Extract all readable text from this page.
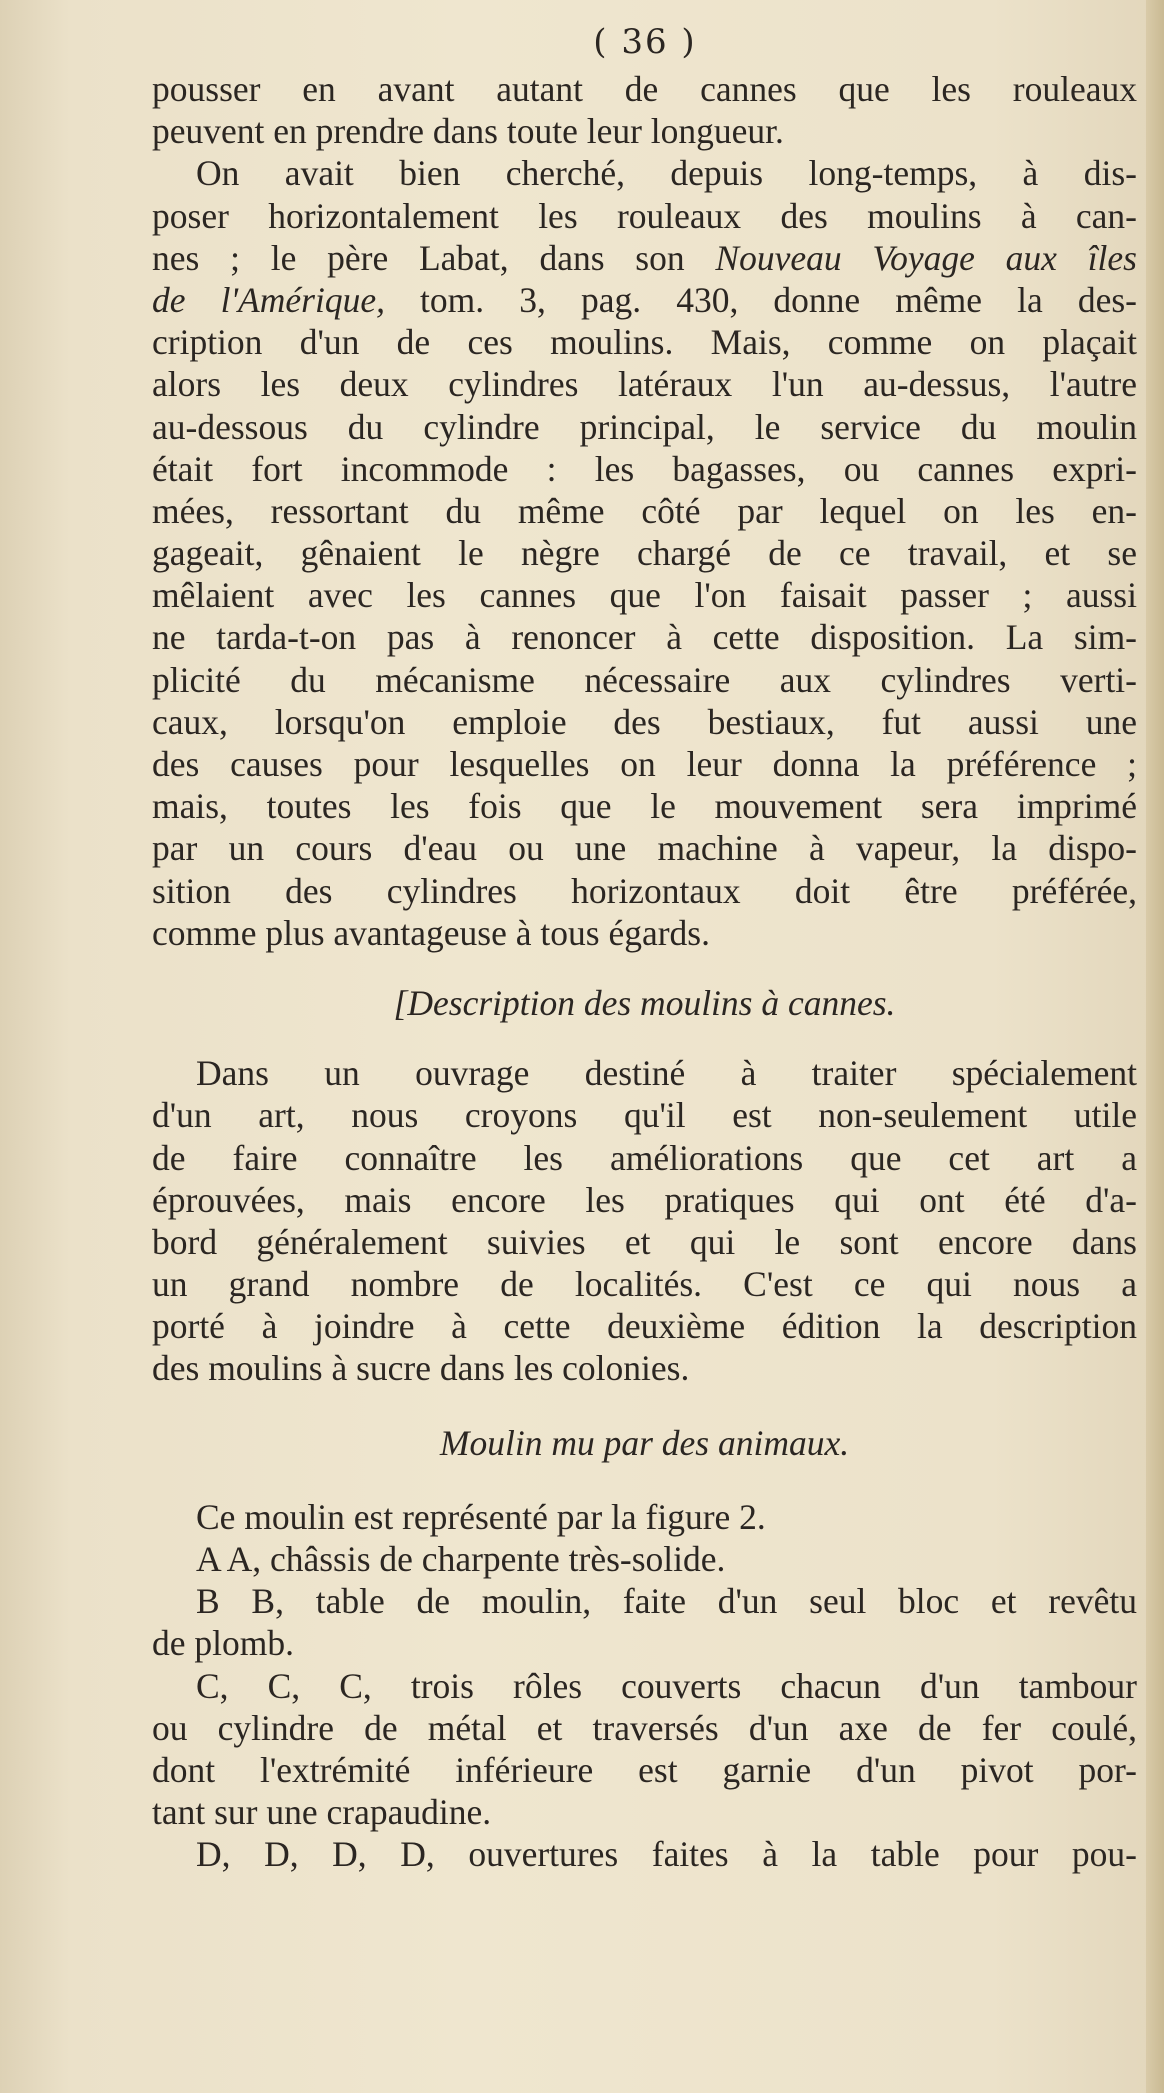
( 36 )
pousser en avant autant de cannes que les rouleaux
peuvent en prendre dans toute leur longueur.
On avait bien cherché, depuis long-temps, à dis-
poser horizontalement les rouleaux des moulins à can-
nes ; le père Labat, dans son Nouveau Voyage aux îles
de l'Amérique, tom. 3, pag. 430, donne même la des-
cription d'un de ces moulins. Mais, comme on plaçait
alors les deux cylindres latéraux l'un au-dessus, l'autre
au-dessous du cylindre principal, le service du moulin
était fort incommode : les bagasses, ou cannes expri-
mées, ressortant du même côté par lequel on les en-
gageait, gênaient le nègre chargé de ce travail, et se
mêlaient avec les cannes que l'on faisait passer ; aussi
ne tarda-t-on pas à renoncer à cette disposition. La sim-
plicité du mécanisme nécessaire aux cylindres verti-
caux, lorsqu'on emploie des bestiaux, fut aussi une
des causes pour lesquelles on leur donna la préférence ;
mais, toutes les fois que le mouvement sera imprimé
par un cours d'eau ou une machine à vapeur, la dispo-
sition des cylindres horizontaux doit être préférée,
comme plus avantageuse à tous égards.
[Description des moulins à cannes.
Dans un ouvrage destiné à traiter spécialement
d'un art, nous croyons qu'il est non-seulement utile
de faire connaître les améliorations que cet art a
éprouvées, mais encore les pratiques qui ont été d'a-
bord généralement suivies et qui le sont encore dans
un grand nombre de localités. C'est ce qui nous a
porté à joindre à cette deuxième édition la description
des moulins à sucre dans les colonies.
Moulin mu par des animaux.
Ce moulin est représenté par la figure 2.
A A, châssis de charpente très-solide.
B B, table de moulin, faite d'un seul bloc et revêtu
de plomb.
C, C, C, trois rôles couverts chacun d'un tambour
ou cylindre de métal et traversés d'un axe de fer coulé,
dont l'extrémité inférieure est garnie d'un pivot por-
tant sur une crapaudine.
D, D, D, D, ouvertures faites à la table pour pou-
